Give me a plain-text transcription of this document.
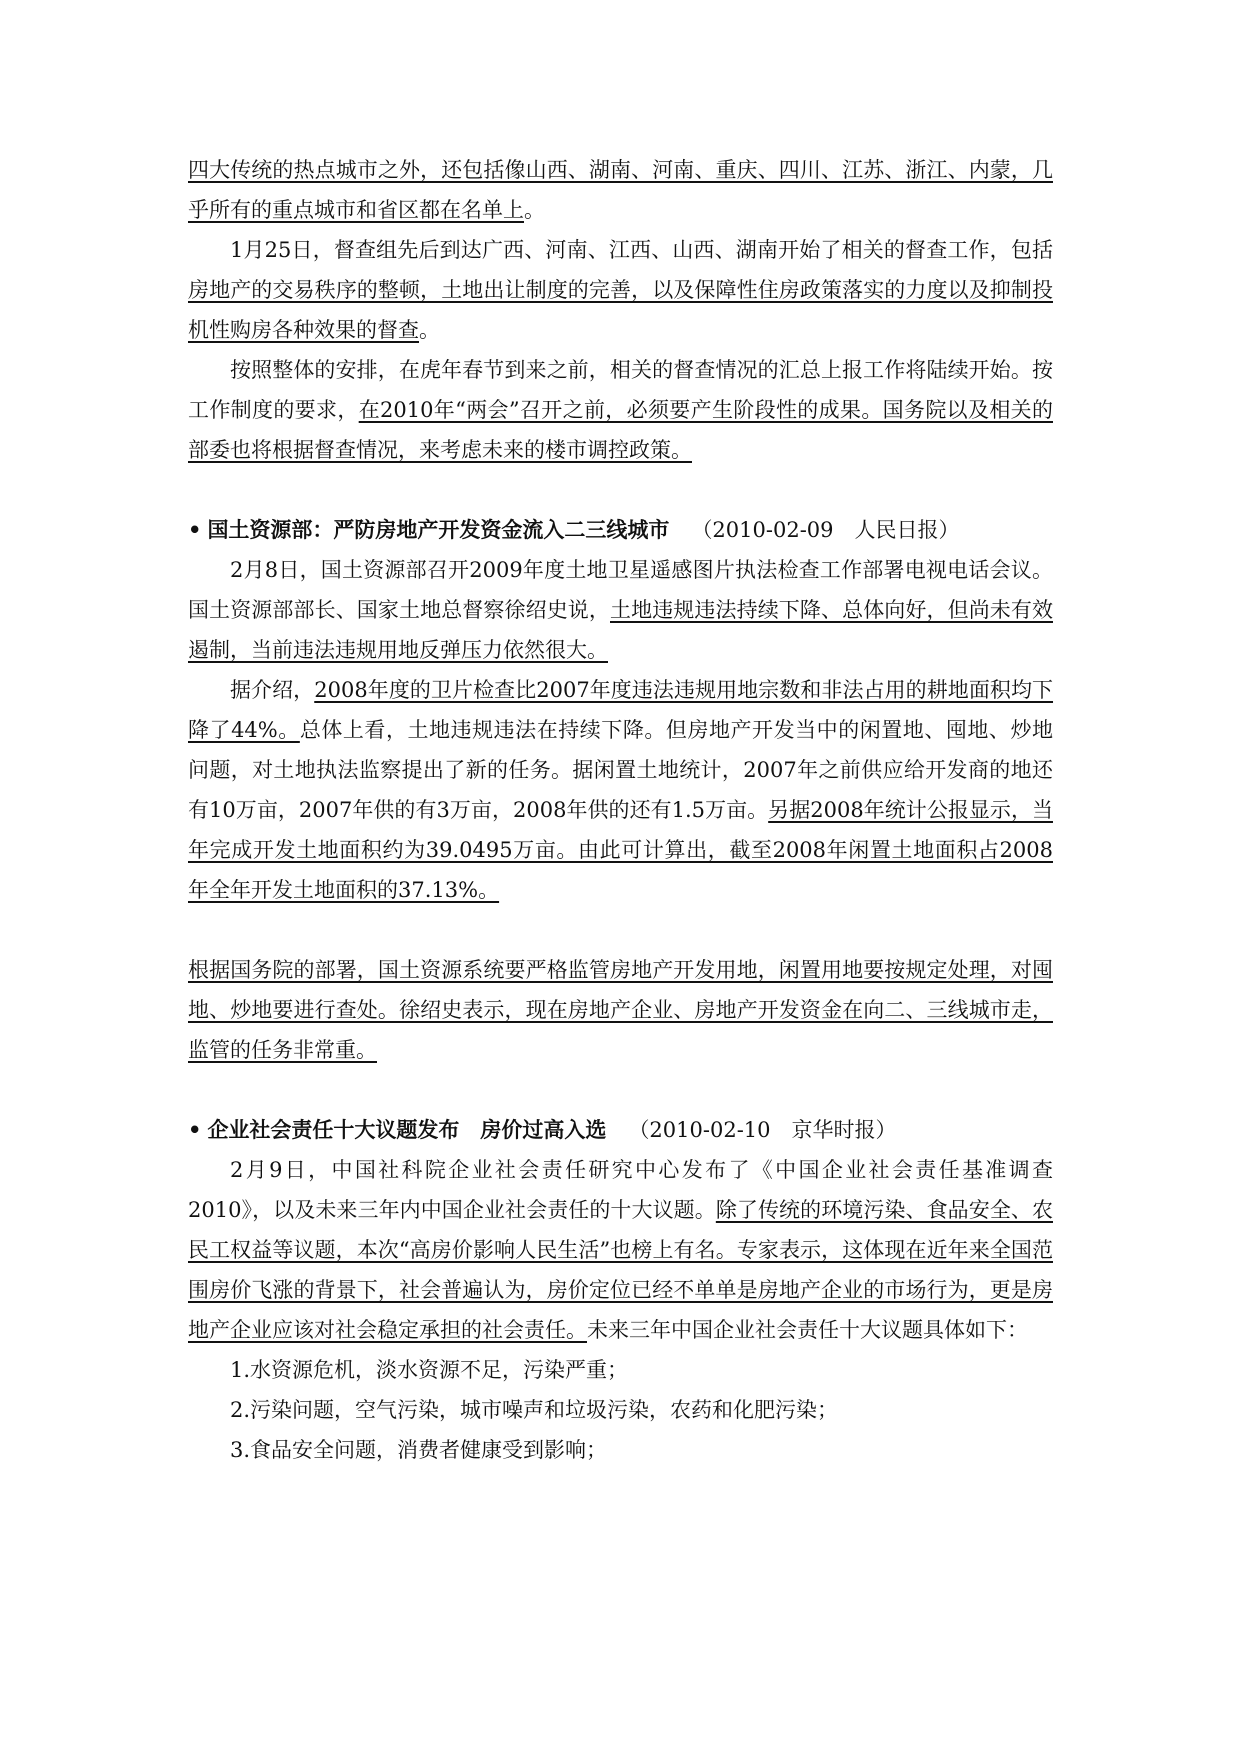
四大传统的热点城市之外，还包括像山西、湖南、河南、重庆、四川、江苏、浙江、内蒙，几乎所有的重点城市和省区都在名单上。

1月25日，督查组先后到达广西、河南、江西、山西、湖南开始了相关的督查工作，包括房地产的交易秩序的整顿，土地出让制度的完善，以及保障性住房政策落实的力度以及抑制投机性购房各种效果的督查。

按照整体的安排，在虎年春节到来之前，相关的督查情况的汇总上报工作将陆续开始。按工作制度的要求，在2010年“两会”召开之前，必须要产生阶段性的成果。国务院以及相关的部委也将根据督查情况，来考虑未来的楼市调控政策。

• 国土资源部：严防房地产开发资金流入二三线城市 （2010-02-09　人民日报）

2月8日，国土资源部召开2009年度土地卫星遥感图片执法检查工作部署电视电话会议。国土资源部部长、国家土地总督察徐绍史说，土地违规违法持续下降、总体向好，但尚未有效遏制，当前违法违规用地反弹压力依然很大。

据介绍，2008年度的卫片检查比2007年度违法违规用地宗数和非法占用的耕地面积均下降了44%。总体上看，土地违规违法在持续下降。但房地产开发当中的闲置地、囤地、炒地问题，对土地执法监察提出了新的任务。据闲置土地统计，2007年之前供应给开发商的地还有10万亩，2007年供的有3万亩，2008年供的还有1.5万亩。另据2008年统计公报显示，当年完成开发土地面积约为39.0495万亩。由此可计算出，截至2008年闲置土地面积占2008年全年开发土地面积的37.13%。

根据国务院的部署，国土资源系统要严格监管房地产开发用地，闲置用地要按规定处理，对囤地、炒地要进行查处。徐绍史表示，现在房地产企业、房地产开发资金在向二、三线城市走，监管的任务非常重。

• 企业社会责任十大议题发布　房价过高入选 （2010-02-10　京华时报）

2月9日，中国社科院企业社会责任研究中心发布了《中国企业社会责任基准调查2010》，以及未来三年内中国企业社会责任的十大议题。除了传统的环境污染、食品安全、农民工权益等议题，本次“高房价影响人民生活”也榜上有名。专家表示，这体现在近年来全国范围房价飞涨的背景下，社会普遍认为，房价定位已经不单单是房地产企业的市场行为，更是房地产企业应该对社会稳定承担的社会责任。未来三年中国企业社会责任十大议题具体如下：

1.水资源危机，淡水资源不足，污染严重；

2.污染问题，空气污染，城市噪声和垃圾污染，农药和化肥污染；

3.食品安全问题，消费者健康受到影响；
